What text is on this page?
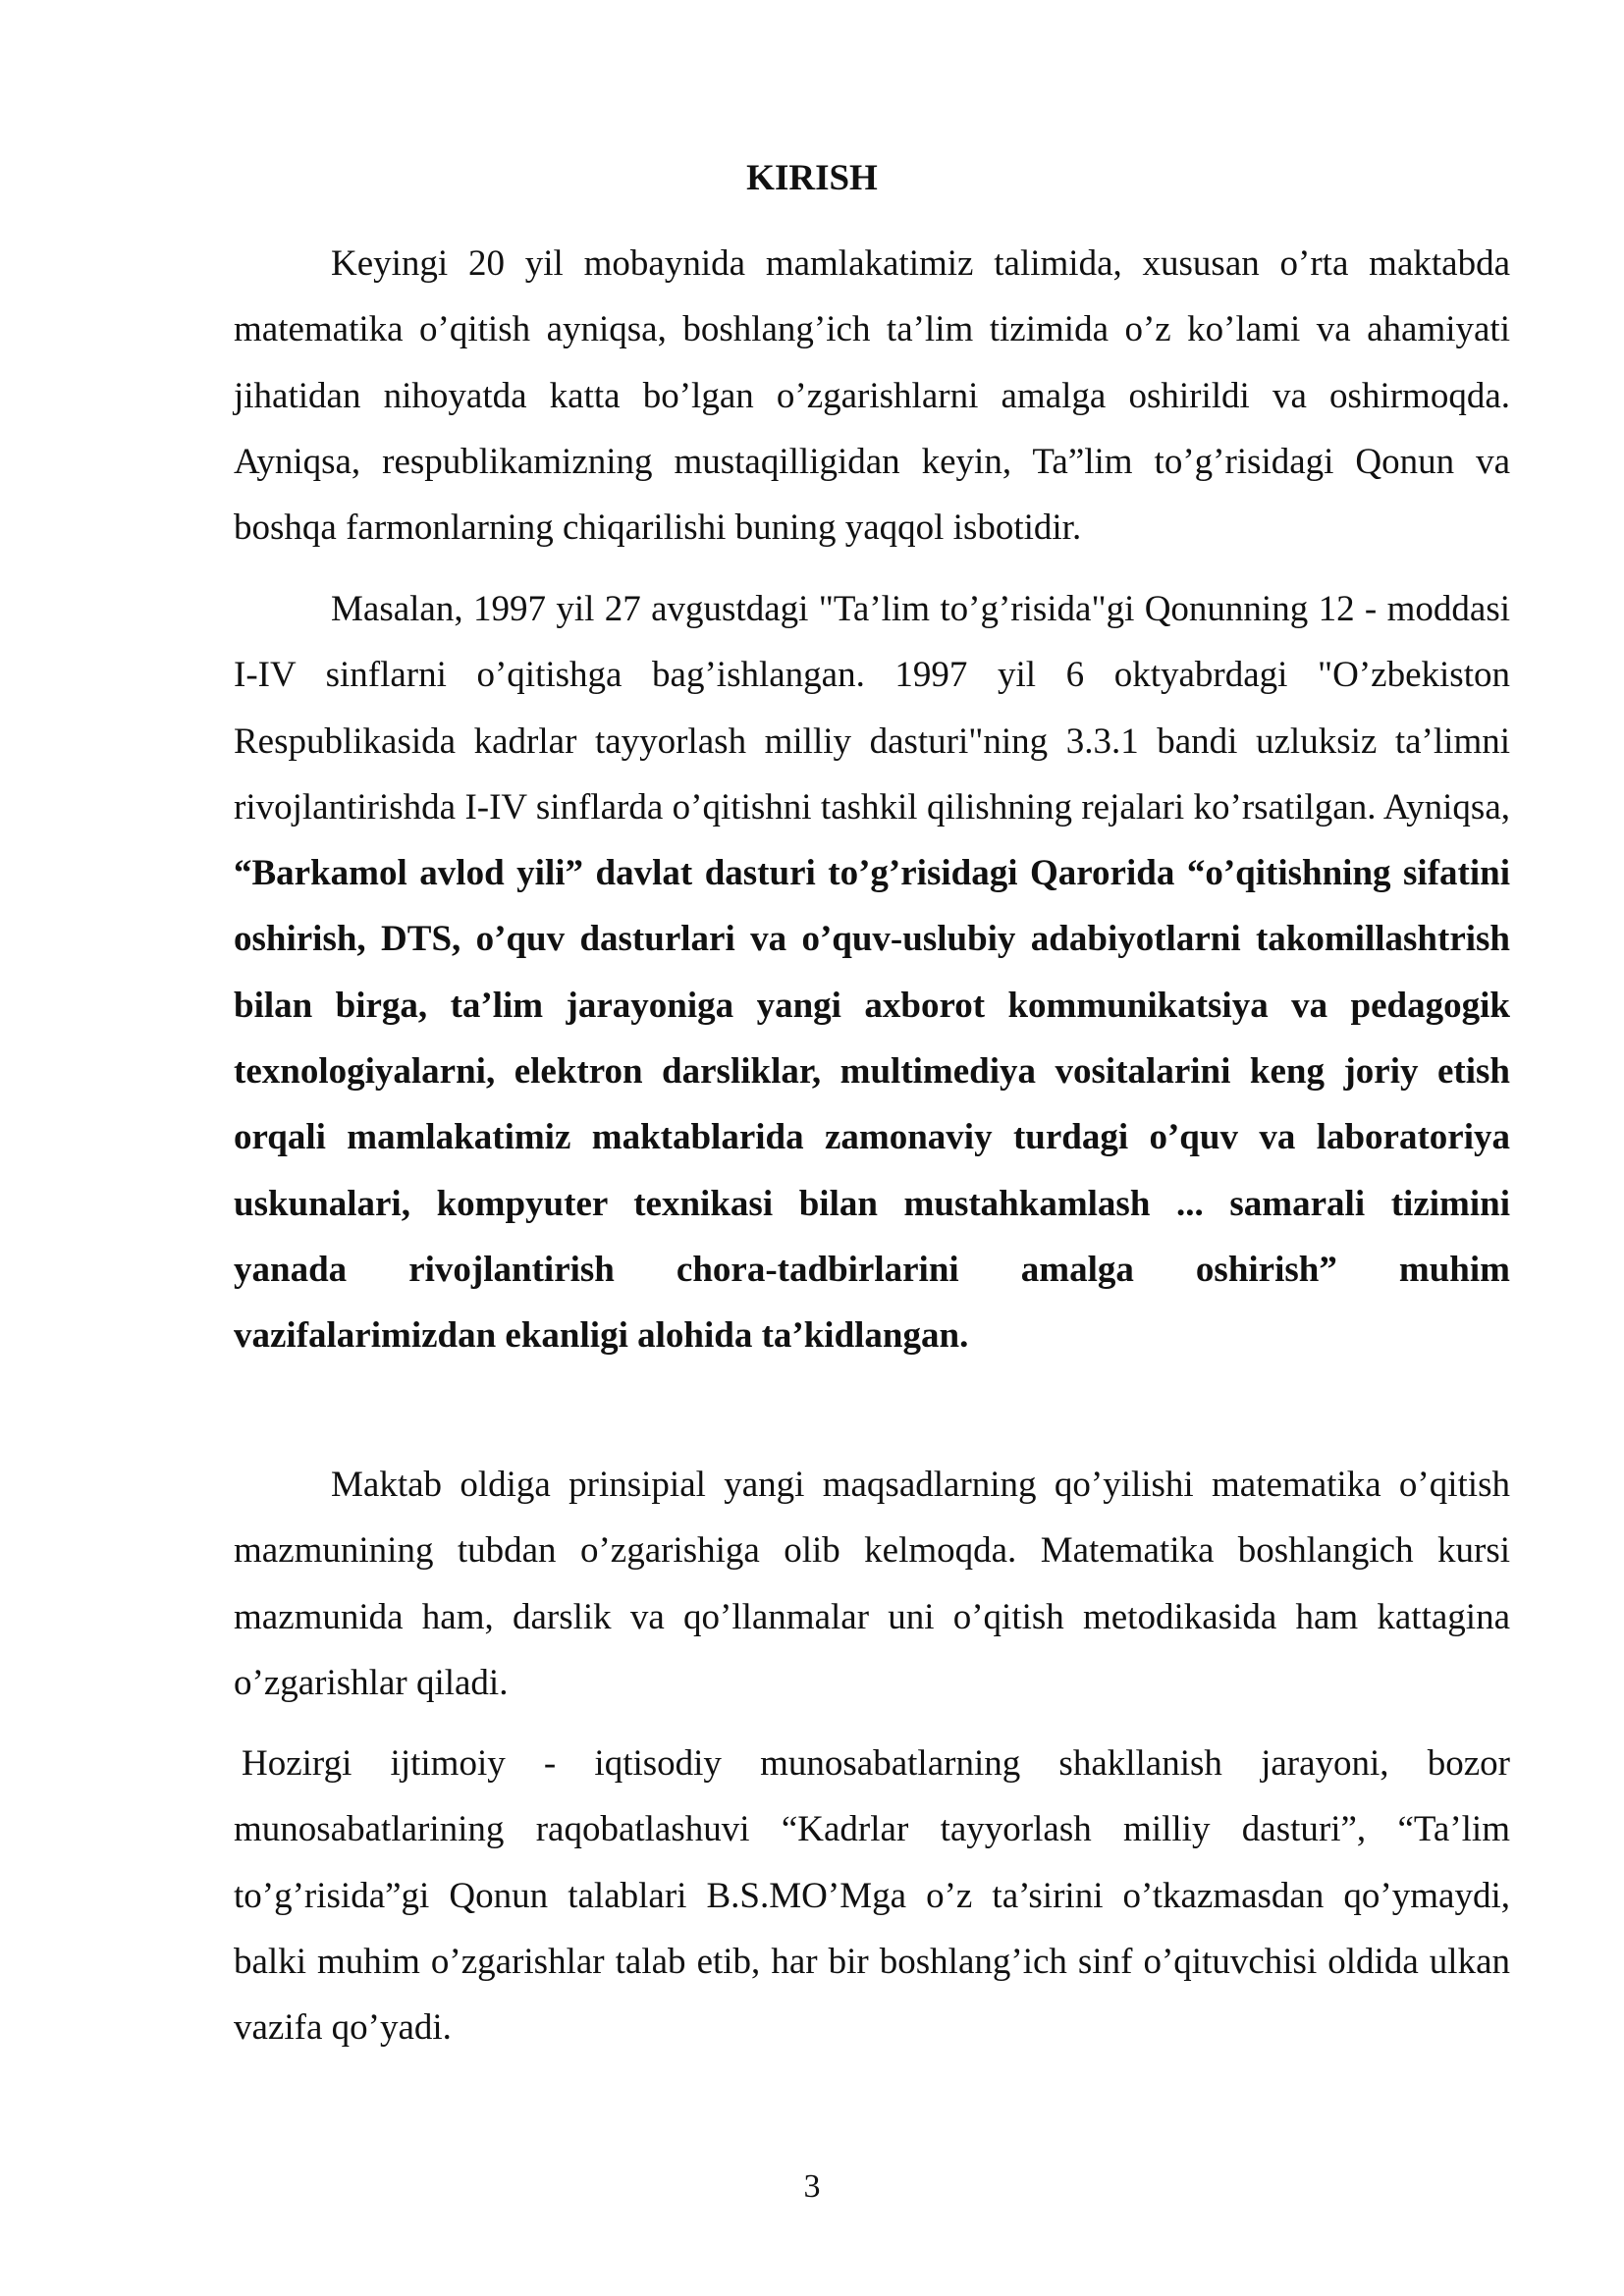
KIRISH

Keyingi 20 yil mobaynida mamlakatimiz talimida, xususan o’rta maktabda matematika o’qitish ayniqsa, boshlang’ich ta’lim tizimida o’z ko’lami va ahamiyati jihatidan nihoyatda katta bo’lgan o’zgarishlarni amalga oshirildi va oshirmoqda. Ayniqsa, respublikamizning mustaqilligidan keyin, Ta”lim to’g’risidagi Qonun va boshqa farmonlarning chiqarilishi buning yaqqol isbotidir.

Masalan, 1997 yil 27 avgustdagi "Ta’lim to’g’risida"gi Qonunning 12 - moddasi I-IV sinflarni o’qitishga bag’ishlangan. 1997 yil 6 oktyabrdagi "O’zbekiston Respublikasida kadrlar tayyorlash milliy dasturi"ning 3.3.1 bandi uzluksiz ta’limni rivojlantirishda I-IV sinflarda o’qitishni tashkil qilishning rejalari ko’rsatilgan. Ayniqsa, “Barkamol avlod yili” davlat dasturi to’g’risidagi Qarorida “o’qitishning sifatini oshirish, DTS, o’quv dasturlari va o’quv-uslubiy adabiyotlarni takomillashtrish bilan birga, ta’lim jarayoniga yangi axborot kommunikatsiya va pedagogik texnologiyalarni, elektron darsliklar, multimediya vositalarini keng joriy etish orqali mamlakatimiz maktablarida zamonaviy turdagi o’quv va laboratoriya uskunalari, kompyuter texnikasi bilan mustahkamlash ... samarali tizimini yanada rivojlantirish chora-tadbirlarini amalga oshirish” muhim vazifalarimizdan ekanligi alohida ta’kidlangan.

Maktab oldiga prinsipial yangi maqsadlarning qo’yilishi matematika o’qitish mazmunining tubdan o’zgarishiga olib kelmoqda. Matematika boshlangich kursi mazmunida ham, darslik va qo’llanmalar uni o’qitish metodikasida ham kattagina o’zgarishlar qiladi.

Hozirgi ijtimoiy - iqtisodiy munosabatlarning shakllanish jarayoni, bozor munosabatlarining raqobatlashuvi “Kadrlar tayyorlash milliy dasturi”, “Ta’lim to’g’risida”gi Qonun talablari B.S.MO’Mga o’z ta’sirini o’tkazmasdan qo’ymaydi, balki muhim o’zgarishlar talab etib, har bir boshlang’ich sinf o’qituvchisi oldida ulkan vazifa qo’yadi.

3
